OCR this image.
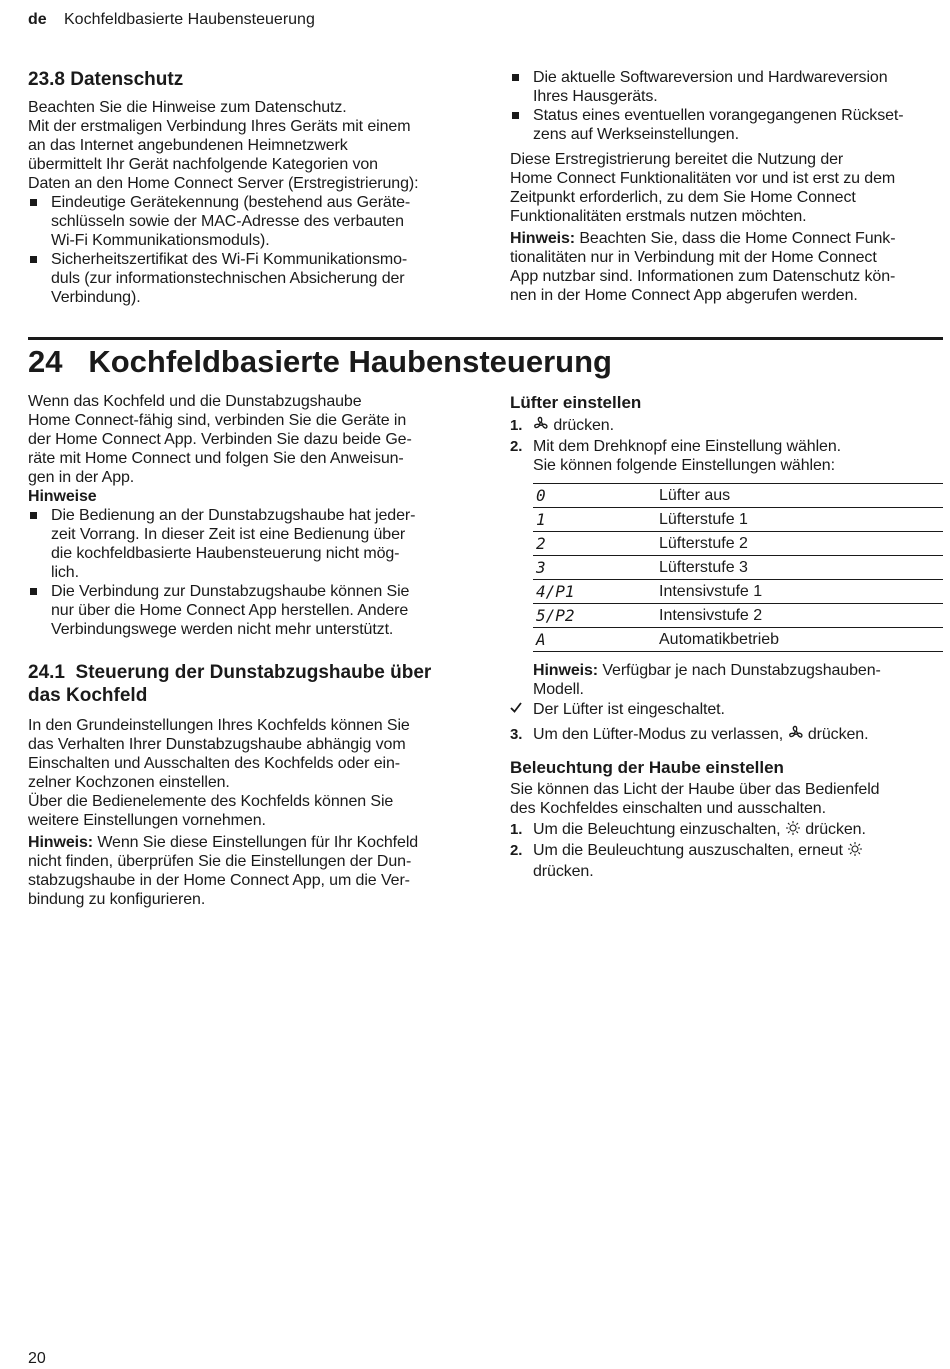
de Kochfeldbasierte Haubensteuerung
23.8 Datenschutz
Beachten Sie die Hinweise zum Datenschutz.
Mit der erstmaligen Verbindung Ihres Geräts mit einem
an das Internet angebundenen Heimnetzwerk
übermittelt Ihr Gerät nachfolgende Kategorien von
Daten an den Home Connect Server (Erstregistrierung):
Eindeutige Gerätekennung (bestehend aus Geräte-
schlüsseln sowie der MAC-Adresse des verbauten
Wi-Fi Kommunikationsmoduls).
Sicherheitszertifikat des Wi-Fi Kommunikationsmo-
duls (zur informationstechnischen Absicherung der
Verbindung).
Die aktuelle Softwareversion und Hardwareversion
Ihres Hausgeräts.
Status eines eventuellen vorangegangenen Rückset-
zens auf Werkseinstellungen.
Diese Erstregistrierung bereitet die Nutzung der
Home Connect Funktionalitäten vor und ist erst zu dem
Zeitpunkt erforderlich, zu dem Sie Home Connect
Funktionalitäten erstmals nutzen möchten.
Hinweis: Beachten Sie, dass die Home Connect Funk-
tionalitäten nur in Verbindung mit der Home Connect
App nutzbar sind. Informationen zum Datenschutz kön-
nen in der Home Connect App abgerufen werden.
24   Kochfeldbasierte Haubensteuerung
Wenn das Kochfeld und die Dunstabzugshaube
Home Connect-fähig sind, verbinden Sie die Geräte in
der Home Connect App. Verbinden Sie dazu beide Ge-
räte mit Home Connect und folgen Sie den Anweisun-
gen in der App.
Hinweise
Die Bedienung an der Dunstabzugshaube hat jeder-
zeit Vorrang. In dieser Zeit ist eine Bedienung über
die kochfeldbasierte Haubensteuerung nicht mög-
lich.
Die Verbindung zur Dunstabzugshaube können Sie
nur über die Home Connect App herstellen. Andere
Verbindungswege werden nicht mehr unterstützt.
24.1  Steuerung der Dunstabzugshaube über
das Kochfeld
In den Grundeinstellungen Ihres Kochfelds können Sie
das Verhalten Ihrer Dunstabzugshaube abhängig vom
Einschalten und Ausschalten des Kochfelds oder ein-
zelner Kochzonen einstellen.
Über die Bedienelemente des Kochfelds können Sie
weitere Einstellungen vornehmen.
Hinweis: Wenn Sie diese Einstellungen für Ihr Kochfeld
nicht finden, überprüfen Sie die Einstellungen der Dun-
stabzugshaube in der Home Connect App, um die Ver-
bindung zu konfigurieren.
Lüfter einstellen
1. drücken.
2. Mit dem Drehknopf eine Einstellung wählen.
Sie können folgende Einstellungen wählen:
0	Lüfter aus
1	Lüfterstufe 1
2	Lüfterstufe 2
3	Lüfterstufe 3
4/P1	Intensivstufe 1
5/P2	Intensivstufe 2
A	Automatikbetrieb
Hinweis: Verfügbar je nach Dunstabzugshauben-
Modell.
Der Lüfter ist eingeschaltet.
3. Um den Lüfter-Modus zu verlassen,  drücken.
Beleuchtung der Haube einstellen
Sie können das Licht der Haube über das Bedienfeld
des Kochfeldes einschalten und ausschalten.
1. Um die Beleuchtung einzuschalten,  drücken.
2. Um die Beuleuchtung auszuschalten, erneut
drücken.
20
